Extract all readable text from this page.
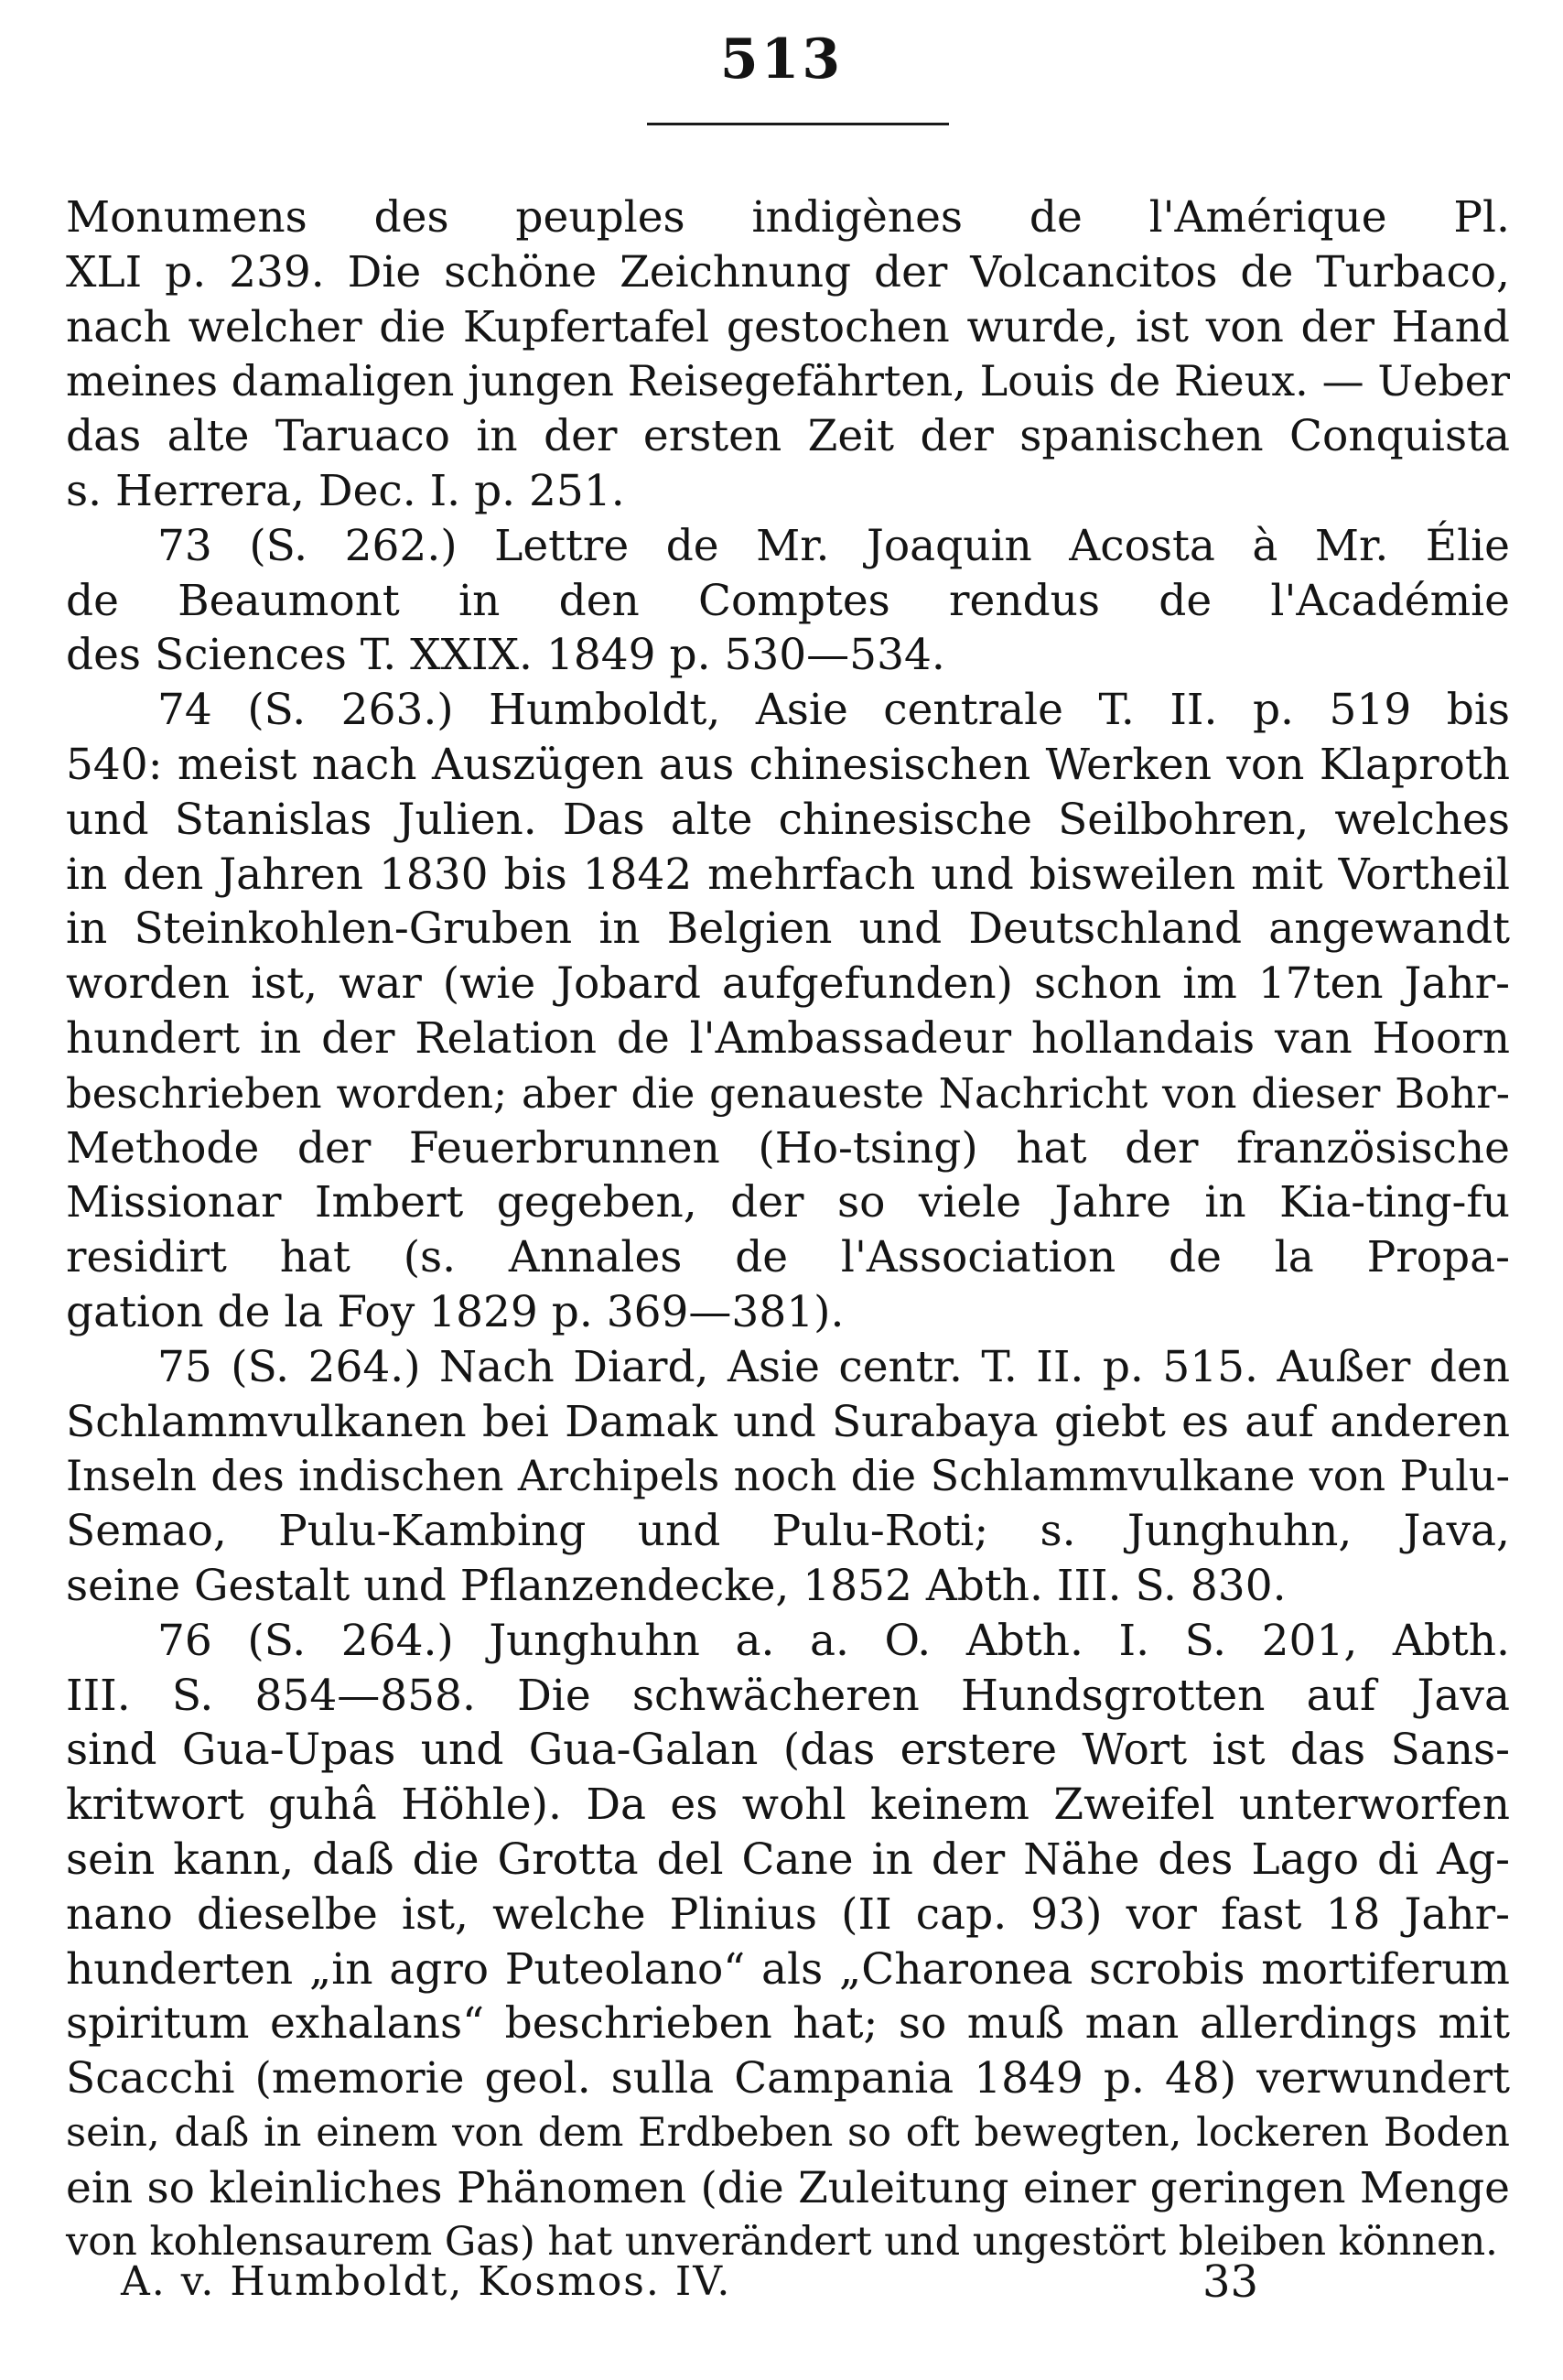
513
Monumens des peuples indigènes de l'Amérique Pl.
XLI p. 239. Die schöne Zeichnung der Volcancitos de Turbaco,
nach welcher die Kupfertafel gestochen wurde, ist von der Hand
meines damaligen jungen Reisegefährten, Louis de Rieux. — Ueber
das alte Taruaco in der ersten Zeit der spanischen Conquista
s. Herrera, Dec. I. p. 251.
73 (S. 262.) Lettre de Mr. Joaquin Acosta à Mr. Élie
de Beaumont in den Comptes rendus de l'Académie
des Sciences T. XXIX. 1849 p. 530—534.
74 (S. 263.) Humboldt, Asie centrale T. II. p. 519 bis
540: meist nach Auszügen aus chinesischen Werken von Klaproth
und Stanislas Julien. Das alte chinesische Seilbohren, welches
in den Jahren 1830 bis 1842 mehrfach und bisweilen mit Vortheil
in Steinkohlen-Gruben in Belgien und Deutschland angewandt
worden ist, war (wie Jobard aufgefunden) schon im 17ten Jahr-
hundert in der Relation de l'Ambassadeur hollandais van Hoorn
beschrieben worden; aber die genaueste Nachricht von dieser Bohr-
Methode der Feuerbrunnen (Ho-tsing) hat der französische
Missionar Imbert gegeben, der so viele Jahre in Kia-ting-fu
residirt hat (s. Annales de l'Association de la Propa-
gation de la Foy 1829 p. 369—381).
75 (S. 264.) Nach Diard, Asie centr. T. II. p. 515. Außer den
Schlammvulkanen bei Damak und Surabaya giebt es auf anderen
Inseln des indischen Archipels noch die Schlammvulkane von Pulu-
Semao, Pulu-Kambing und Pulu-Roti; s. Junghuhn, Java,
seine Gestalt und Pflanzendecke, 1852 Abth. III. S. 830.
76 (S. 264.) Junghuhn a. a. O. Abth. I. S. 201, Abth.
III. S. 854—858. Die schwächeren Hundsgrotten auf Java
sind Gua-Upas und Gua-Galan (das erstere Wort ist das Sans-
kritwort guhâ Höhle). Da es wohl keinem Zweifel unterworfen
sein kann, daß die Grotta del Cane in der Nähe des Lago di Ag-
nano dieselbe ist, welche Plinius (II cap. 93) vor fast 18 Jahr-
hunderten „in agro Puteolano“ als „Charonea scrobis mortiferum
spiritum exhalans“ beschrieben hat; so muß man allerdings mit
Scacchi (memorie geol. sulla Campania 1849 p. 48) verwundert
sein, daß in einem von dem Erdbeben so oft bewegten, lockeren Boden
ein so kleinliches Phänomen (die Zuleitung einer geringen Menge
von kohlensaurem Gas) hat unverändert und ungestört bleiben können.
A. v. Humboldt, Kosmos. IV.	33
